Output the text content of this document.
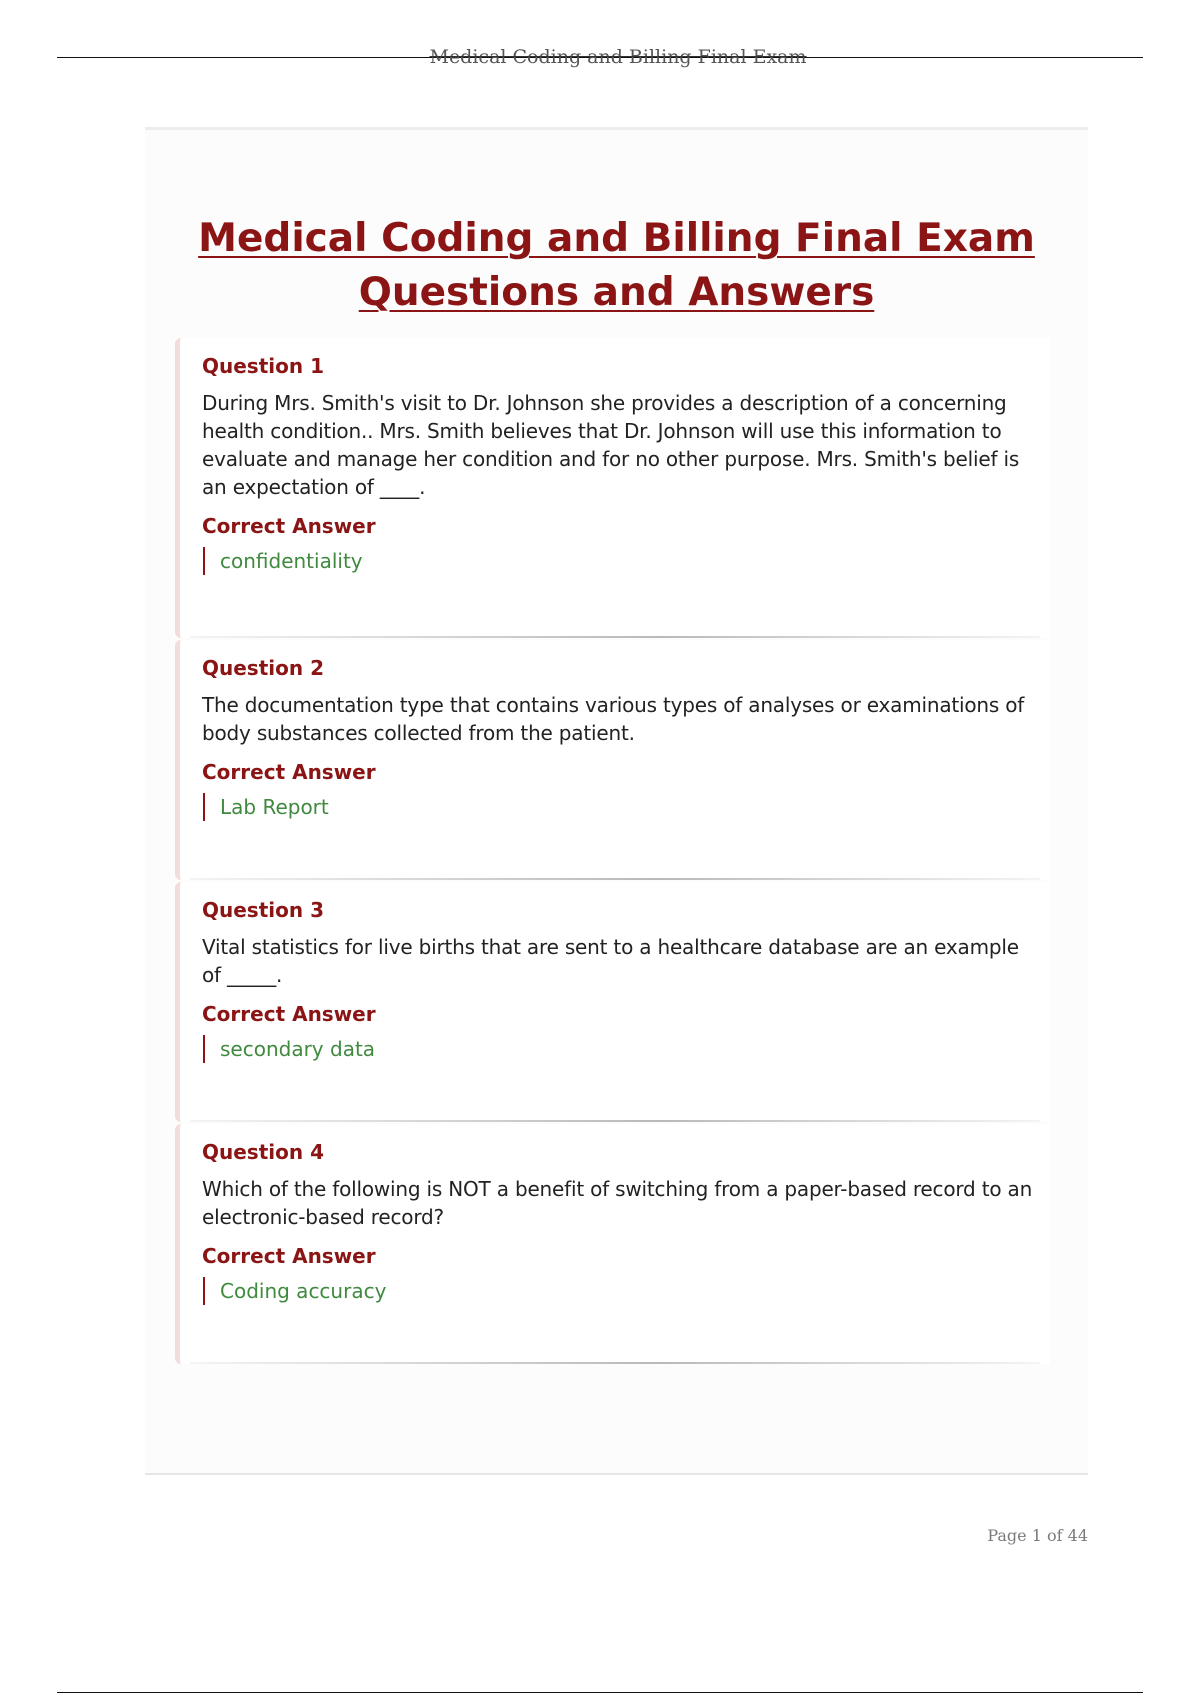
Medical Coding and Billing Final Exam
Medical Coding and Billing Final Exam
Questions and Answers
Question 1
During Mrs. Smith's visit to Dr. Johnson she provides a description of a concerning health condition.. Mrs. Smith believes that Dr. Johnson will use this information to evaluate and manage her condition and for no other purpose. Mrs. Smith's belief is an expectation of ____.
Correct Answer
confidentiality
Question 2
The documentation type that contains various types of analyses or examinations of body substances collected from the patient.
Correct Answer
Lab Report
Question 3
Vital statistics for live births that are sent to a healthcare database are an example of _____.
Correct Answer
secondary data
Question 4
Which of the following is NOT a benefit of switching from a paper-based record to an electronic-based record?
Correct Answer
Coding accuracy
Page 1 of 44
